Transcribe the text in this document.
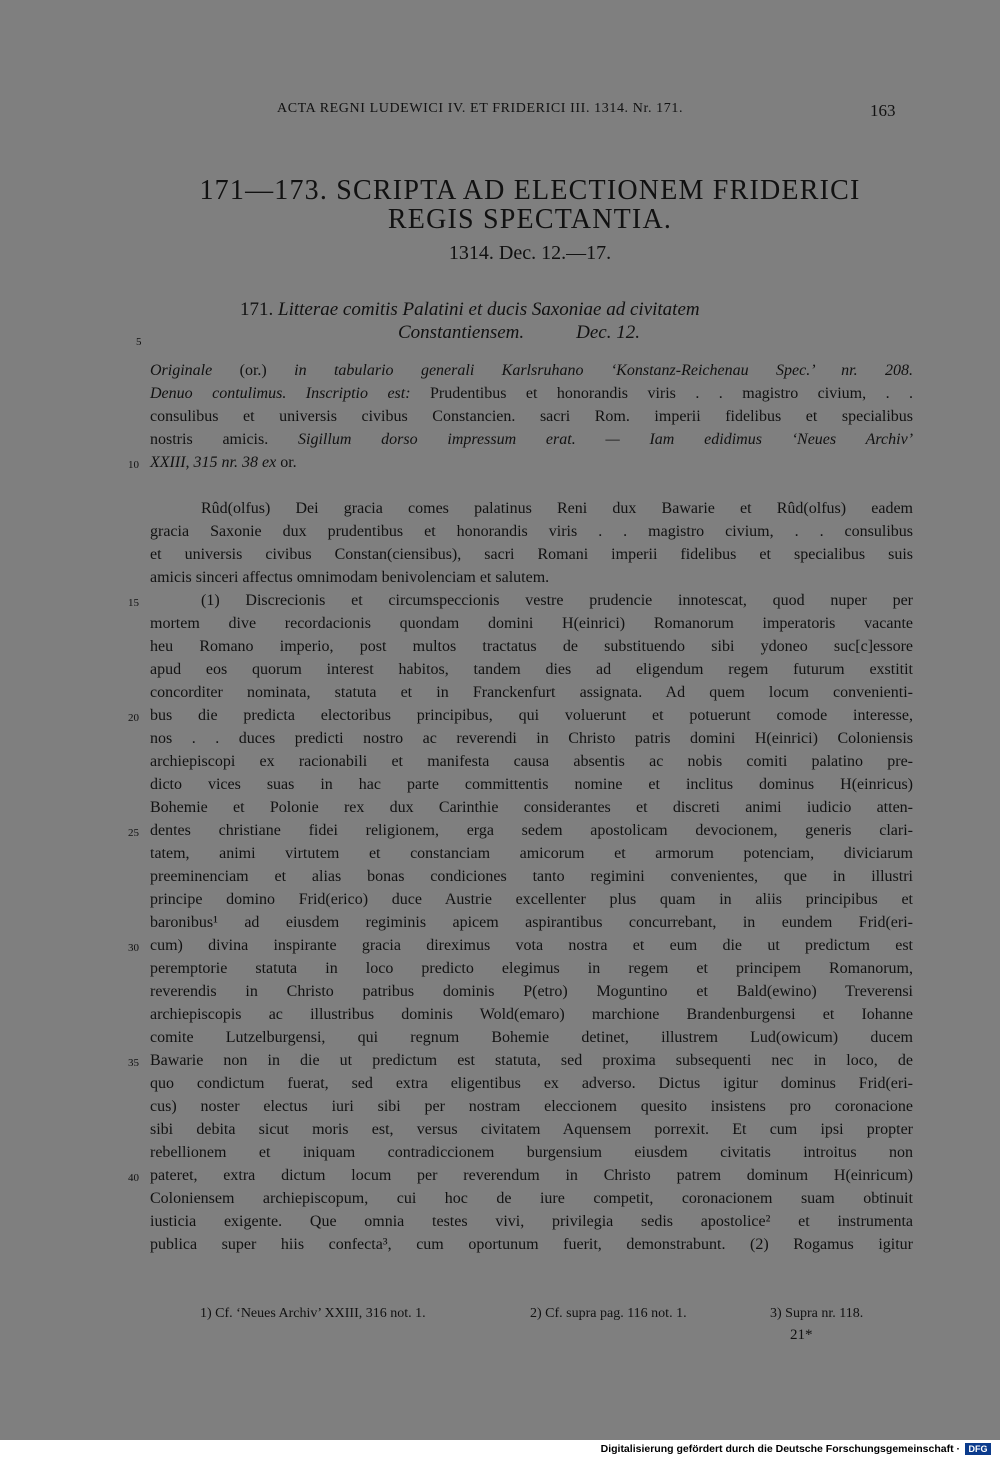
ACTA REGNI LUDEWICI IV. ET FRIDERICI III. 1314. Nr. 171.	163
171—173. SCRIPTA AD ELECTIONEM FRIDERICI
REGIS SPECTANTIA.
1314. Dec. 12.—17.
171. Litterae comitis Palatini et ducis Saxoniae ad civitatem
Constantiensem.	Dec. 12.
5
Originale (or.) in tabulario generali Karlsruhano ‘Konstanz-Reichenau Spec.’ nr. 208.
Denuo contulimus. Inscriptio est: Prudentibus et honorandis viris . . magistro civium, . .
consulibus et universis civibus Constancien. sacri Rom. imperii fidelibus et specialibus
nostris amicis. Sigillum dorso impressum erat. — Iam edidimus ‘Neues Archiv’
XXIII, 315 nr. 38 ex or.
10
Rûd(olfus) Dei gracia comes palatinus Reni dux Bawarie et Rûd(olfus) eadem
gracia Saxonie dux prudentibus et honorandis viris . . magistro civium, . . consulibus
et universis civibus Constan(ciensibus), sacri Romani imperii fidelibus et specialibus suis
amicis sinceri affectus omnimodam benivolenciam et salutem.
(1) Discrecionis et circumspeccionis vestre prudencie innotescat, quod nuper per
15
mortem dive recordacionis quondam domini H(einrici) Romanorum imperatoris vacante
heu Romano imperio, post multos tractatus de substituendo sibi ydoneo suc[c]essore
apud eos quorum interest habitos, tandem dies ad eligendum regem futurum exstitit
concorditer nominata, statuta et in Franckenfurt assignata. Ad quem locum convenienti-
bus die predicta electoribus principibus, qui voluerunt et potuerunt comode interesse,
20
nos . . duces predicti nostro ac reverendi in Christo patris domini H(einrici) Coloniensis
archiepiscopi ex racionabili et manifesta causa absentis ac nobis comiti palatino pre-
dicto vices suas in hac parte committentis nomine et inclitus dominus H(einricus)
Bohemie et Polonie rex dux Carinthie considerantes et discreti animi iudicio atten-
dentes christiane fidei religionem, erga sedem apostolicam devocionem, generis clari-
25
tatem, animi virtutem et constanciam amicorum et armorum potenciam, diviciarum
preeminenciam et alias bonas condiciones tanto regimini convenientes, que in illustri
principe domino Frid(erico) duce Austrie excellenter plus quam in aliis principibus et
baronibus¹ ad eiusdem regiminis apicem aspirantibus concurrebant, in eundem Frid(eri-
cum) divina inspirante gracia direximus vota nostra et eum die ut predictum est
30
peremptorie statuta in loco predicto elegimus in regem et principem Romanorum,
reverendis in Christo patribus dominis P(etro) Moguntino et Bald(ewino) Treverensi
archiepiscopis ac illustribus dominis Wold(emaro) marchione Brandenburgensi et Iohanne
comite Lutzelburgensi, qui regnum Bohemie detinet, illustrem Lud(owicum) ducem
Bawarie non in die ut predictum est statuta, sed proxima subsequenti nec in loco, de
35
quo condictum fuerat, sed extra eligentibus ex adverso. Dictus igitur dominus Frid(eri-
cus) noster electus iuri sibi per nostram eleccionem quesito insistens pro coronacione
sibi debita sicut moris est, versus civitatem Aquensem porrexit. Et cum ipsi propter
rebellionem et iniquam contradiccionem burgensium eiusdem civitatis introitus non
pateret, extra dictum locum per reverendum in Christo patrem dominum H(einricum)
40
Coloniensem archiepiscopum, cui hoc de iure competit, coronacionem suam obtinuit
iusticia exigente. Que omnia testes vivi, privilegia sedis apostolice² et instrumenta
publica super hiis confecta³, cum oportunum fuerit, demonstrabunt. (2) Rogamus igitur
1) Cf. ‘Neues Archiv’ XXIII, 316 not. 1.	2) Cf. supra pag. 116 not. 1.	3) Supra nr. 118.
21*
Digitalisierung gefördert durch die Deutsche Forschungsgemeinschaft · DFG
